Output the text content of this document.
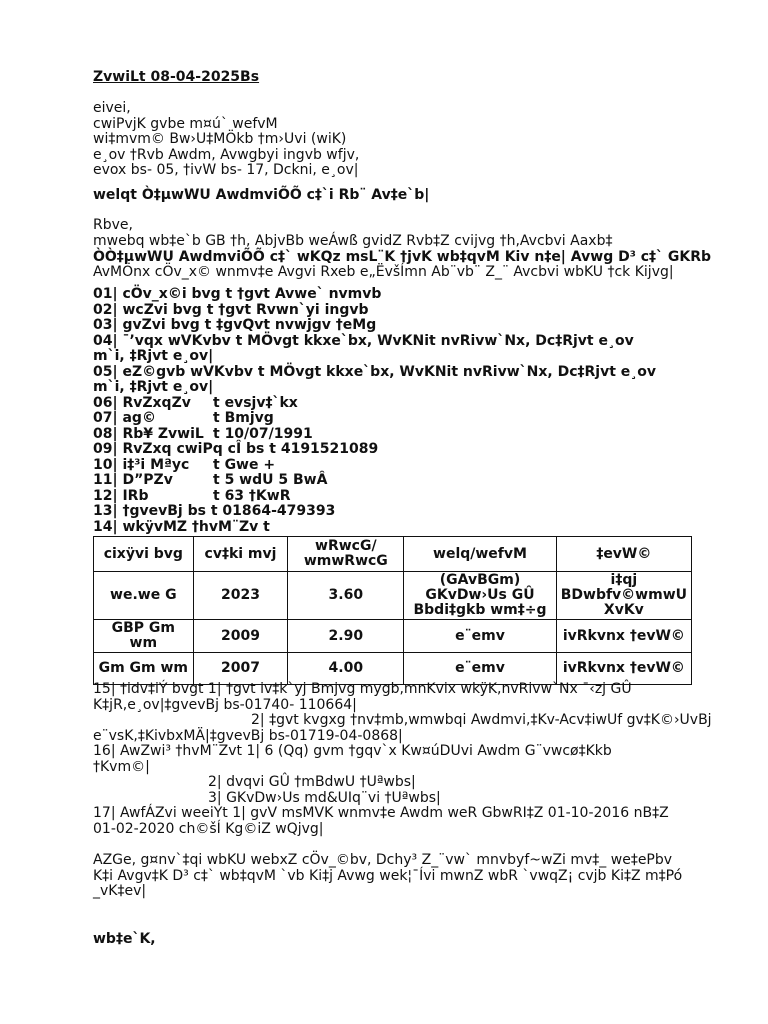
ZvwiLt 08-04-2025Bs
eivei,
cwiPvjK gvbe m¤ú` wefvM
wi‡mvm© Bw›U‡MÖkb †m›Uvi (wiK)
e¸ov †Rvb Awdm, Avwgbyi ingvb wfjv,
evox bs- 05, †ivW bs- 17, Dckni, e¸ov|
welqt Ò‡µwWU AwdmviÕÕ c‡`i Rb¨ Av‡e`b|
Rbve,
mwebq wb‡e`b GB †h, AbjvBb weÁwß gvidZ Rvb‡Z cvijvg †h,Avcbvi Aaxb‡
ÒÒ‡µwWU AwdmviÕÕ c‡` wKQz msL¨K †jvK wb‡qvM Kiv n‡e| Avwg D³ c‡` GKRb
AvMÖnx cÖv_x© wnmv‡e Avgvi Rxeb e„ËvšÍmn Ab¨vb¨ Z_¨ Avcbvi wbKU †ck Kijvg|
01| cÖv_x©i bvg t †gvt Avwe` nvmvb
02| wcZvi bvg t †gvt Rvwn`yi ingvb
03| gvZvi bvg t ‡gvQvt nvwjgv †eMg
04| ¯’vqx wVKvbv t MÖvgt kkxe`bx, WvKNit nvRivw`Nx, Dc‡Rjvt e¸ov
m`i, ‡Rjvt e¸ov|
05| eZ©gvb wVKvbv t MÖvgt kkxe`bx, WvKNit nvRivw`Nx, Dc‡Rjvt e¸ov
m`i, ‡Rjvt e¸ov|
06| RvZxqZv t evsjv‡`kx
07| ag©	t Bmjvg
08| Rb¥ ZvwiL t 10/07/1991
09| RvZxq cwiPq cÎ bs t 4191521089
10| i‡³i Mªyc t Gwe +
11| D”PZv	t 5 wdU 5 BwÂ
12| IRb	t 63 †KwR
13| †gvevBj bs t 01864-479393
14| wkÿvMZ †hvM¨Zv t
cixÿvi bvg	cv‡ki mvj	wRwcG/ wmwRwcG	welq/wefvM	‡evW©
we.we G	2023	3.60	(GAvBGm) GKvDw›Us GÛ Bbdi‡gkb wm‡÷g	i‡qj BDwbfv©wmwU XvKv
GBP Gm wm	2009	2.90	e¨emv	ivRkvnx †evW©
Gm Gm wm	2007	4.00	e¨emv	ivRkvnx †evW©
15| †idv‡iÝ bvgt 1| †gvt iv‡k`yj Bmjvg mygb,mnKvix wkÿK,nvRivw`Nx ¯‹zj GÛ
K‡jR,e¸ov|‡gvevBj bs-01740- 110664|
2| ‡gvt kvgxg †nv‡mb,wmwbqi Awdmvi,‡Kv-Acv‡iwUf gv‡K©›UvBj
e¨vsK,‡KivbxMÄ|‡gvevBj bs-01719-04-0868|
16| AwZwi³ †hvM¨Zvt 1| 6 (Qq) gvm †gqv`x Kw¤úDUvi Awdm G¨vwcø‡Kkb
†Kvm©|
2| dvqvi GÛ †mBdwU †Uªwbs|
3| GKvDw›Us md&UIq¨vi †Uªwbs|
17| AwfÁZvi weeiYt 1| gvV msMVK wnmv‡e Awdm weR GbwRI‡Z 01-10-2016 nB‡Z
01-02-2020 ch©šÍ Kg©iZ wQjvg|
AZGe, g¤nv`‡qi wbKU webxZ cÖv_©bv, Dchy³ Z_¨vw` mnvbyf~wZi mv‡_ we‡ePbv
K‡i Avgv‡K D³ c‡` wb‡qvM `vb Ki‡j Avwg wek¦¯Ívi mwnZ wbR `vwqZ¡ cvjb Ki‡Z m‡Pó
_vK‡ev|
wb‡e`K,
